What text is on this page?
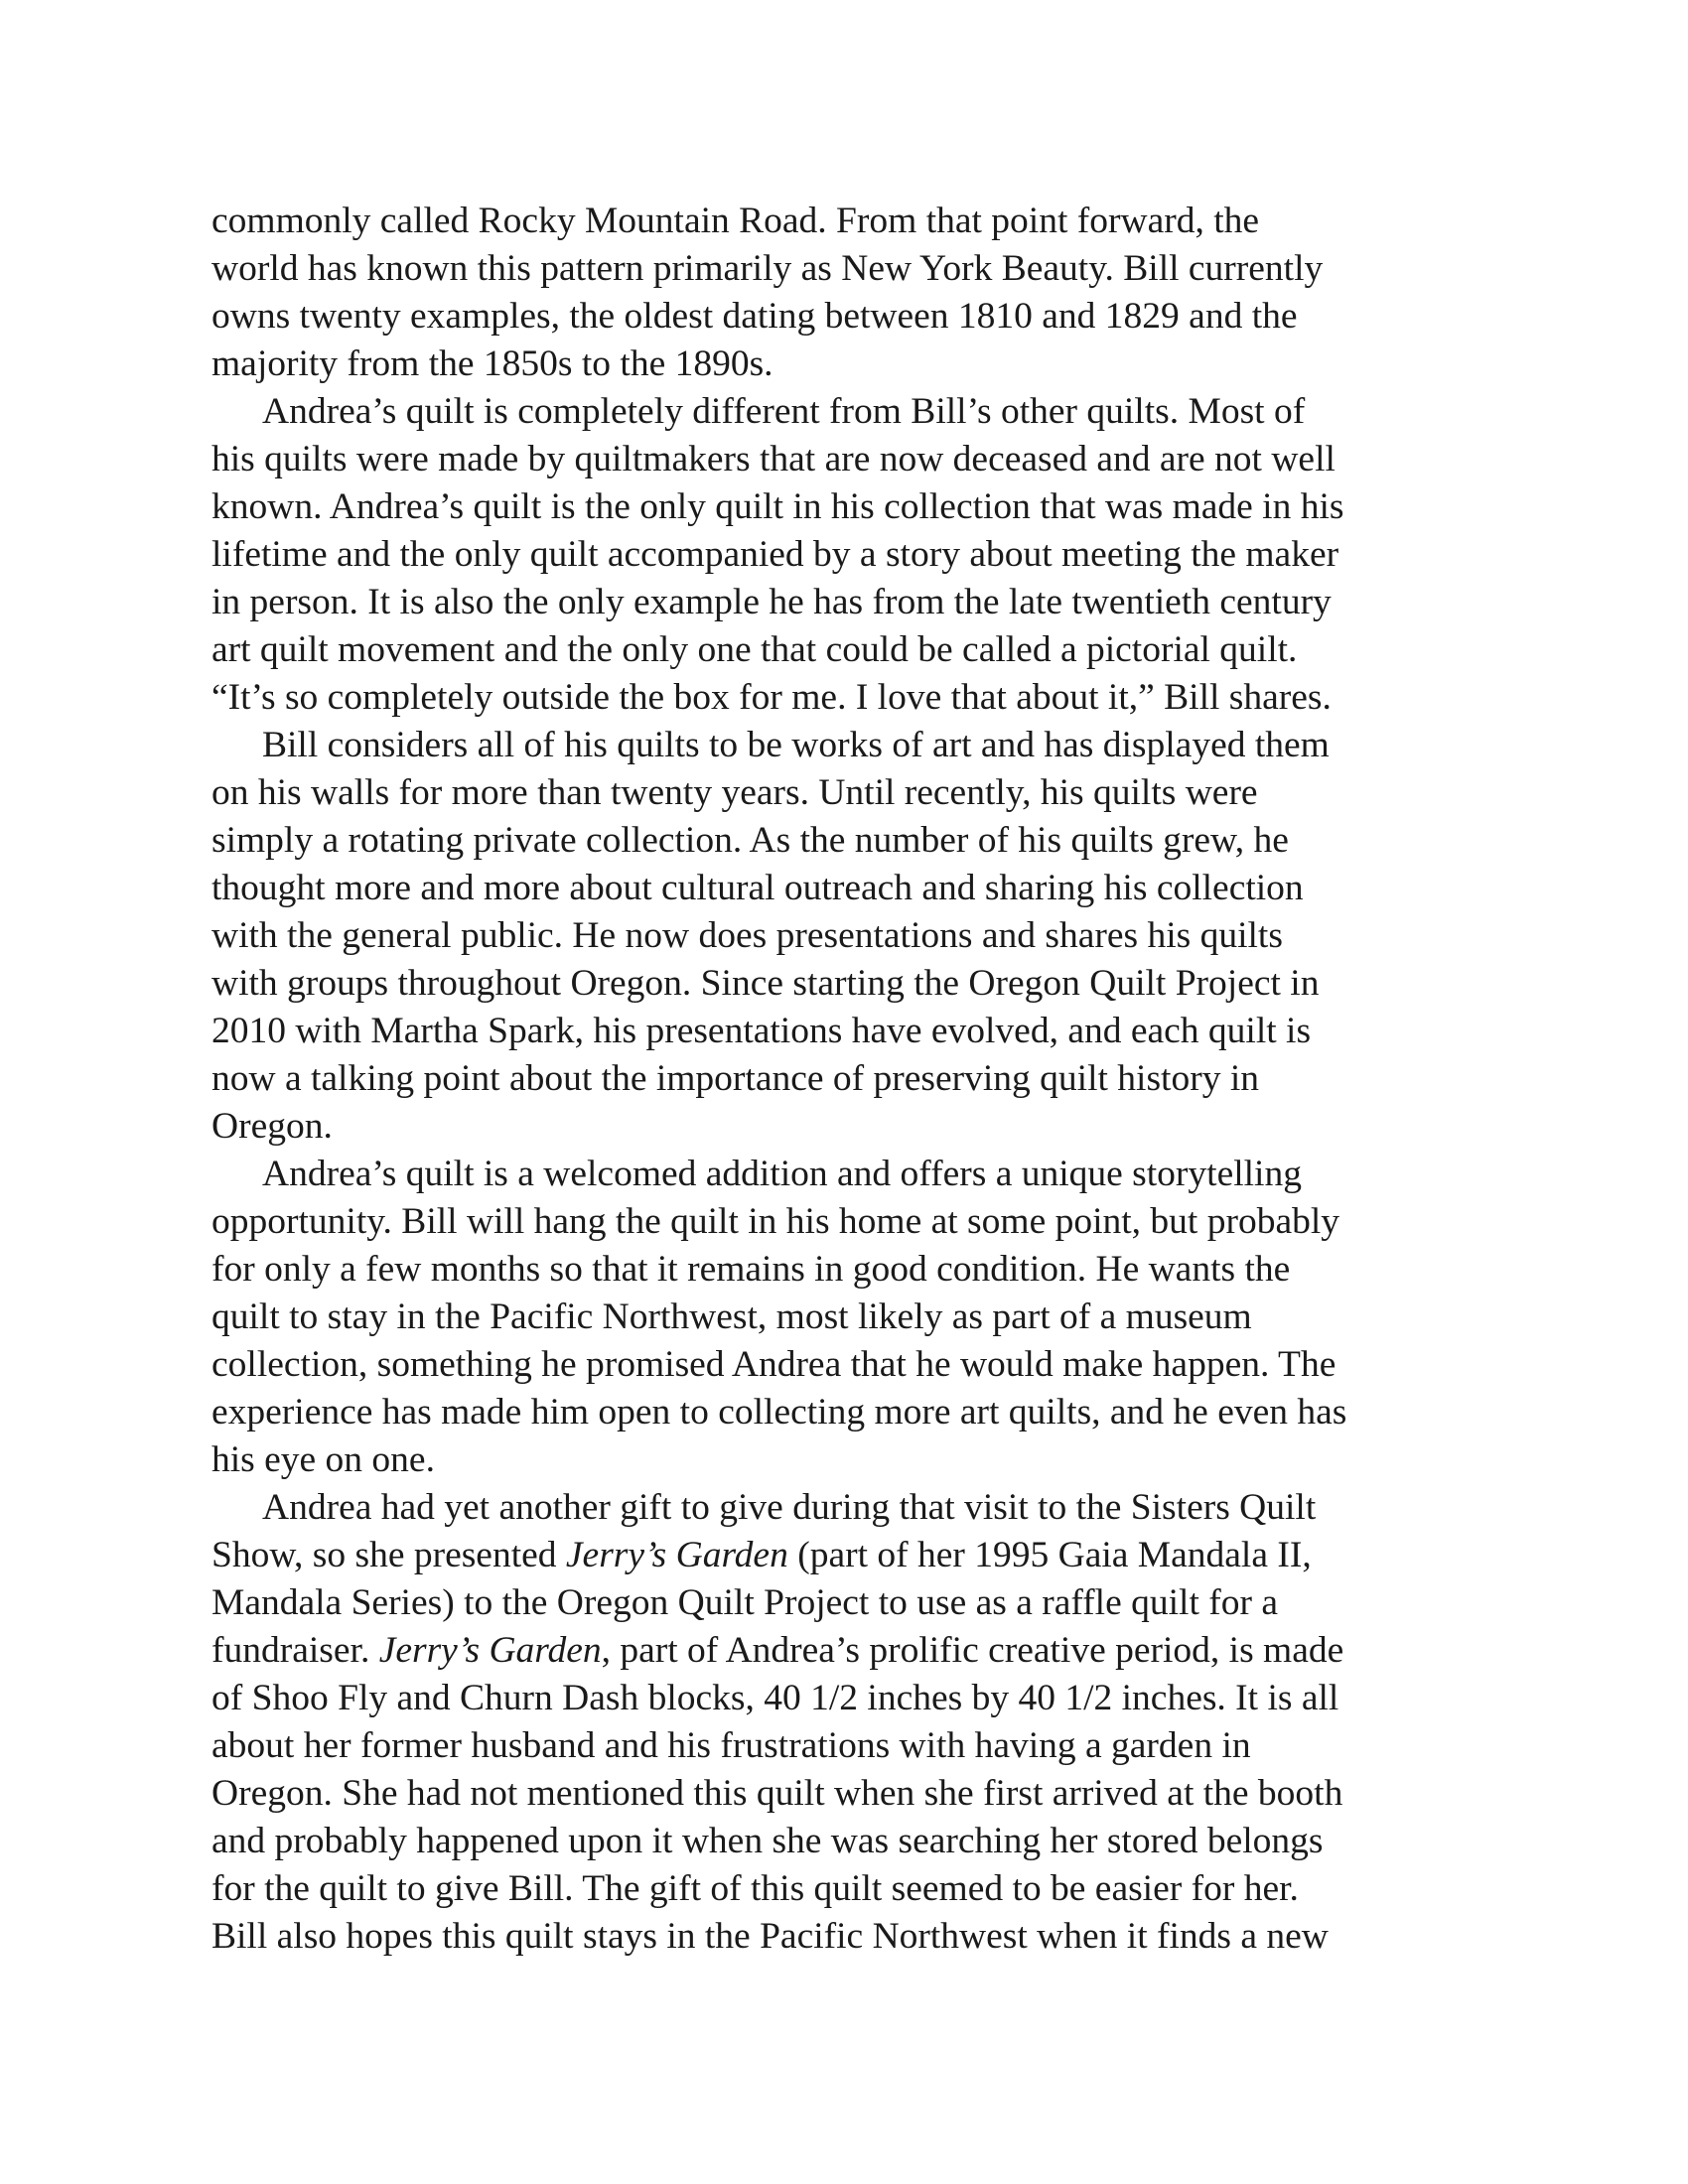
commonly called Rocky Mountain Road. From that point forward, the
world has known this pattern primarily as New York Beauty. Bill currently
owns twenty examples, the oldest dating between 1810 and 1829 and the
majority from the 1850s to the 1890s.
Andrea’s quilt is completely different from Bill’s other quilts. Most of
his quilts were made by quiltmakers that are now deceased and are not well
known. Andrea’s quilt is the only quilt in his collection that was made in his
lifetime and the only quilt accompanied by a story about meeting the maker
in person. It is also the only example he has from the late twentieth century
art quilt movement and the only one that could be called a pictorial quilt.
“It’s so completely outside the box for me. I love that about it,” Bill shares.
Bill considers all of his quilts to be works of art and has displayed them
on his walls for more than twenty years. Until recently, his quilts were
simply a rotating private collection. As the number of his quilts grew, he
thought more and more about cultural outreach and sharing his collection
with the general public. He now does presentations and shares his quilts
with groups throughout Oregon. Since starting the Oregon Quilt Project in
2010 with Martha Spark, his presentations have evolved, and each quilt is
now a talking point about the importance of preserving quilt history in
Oregon.
Andrea’s quilt is a welcomed addition and offers a unique storytelling
opportunity. Bill will hang the quilt in his home at some point, but probably
for only a few months so that it remains in good condition. He wants the
quilt to stay in the Pacific Northwest, most likely as part of a museum
collection, something he promised Andrea that he would make happen. The
experience has made him open to collecting more art quilts, and he even has
his eye on one.
Andrea had yet another gift to give during that visit to the Sisters Quilt
Show, so she presented Jerry’s Garden (part of her 1995 Gaia Mandala II,
Mandala Series) to the Oregon Quilt Project to use as a raffle quilt for a
fundraiser. Jerry’s Garden, part of Andrea’s prolific creative period, is made
of Shoo Fly and Churn Dash blocks, 40 1/2 inches by 40 1/2 inches. It is all
about her former husband and his frustrations with having a garden in
Oregon. She had not mentioned this quilt when she first arrived at the booth
and probably happened upon it when she was searching her stored belongs
for the quilt to give Bill. The gift of this quilt seemed to be easier for her.
Bill also hopes this quilt stays in the Pacific Northwest when it finds a new
